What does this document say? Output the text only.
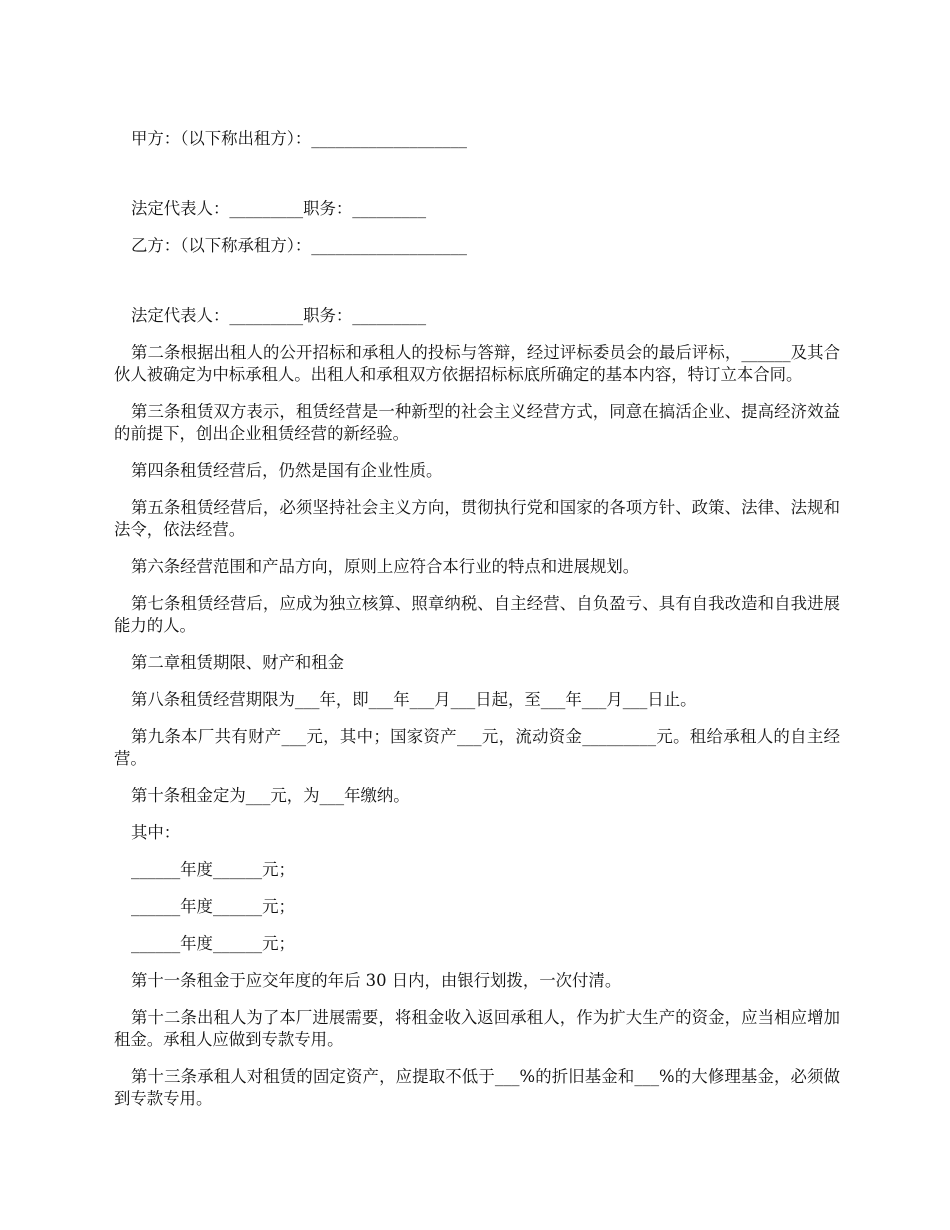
甲方：（以下称出租方）：___________________

法定代表人：_________职务：_________

乙方：（以下称承租方）：___________________

法定代表人：_________职务：_________

第二条根据出租人的公开招标和承租人的投标与答辩，经过评标委员会的最后评标，______及其合伙人被确定为中标承租人。出租人和承租双方依据招标标底所确定的基本内容，特订立本合同。

第三条租赁双方表示，租赁经营是一种新型的社会主义经营方式，同意在搞活企业、提高经济效益的前提下，创出企业租赁经营的新经验。

第四条租赁经营后，仍然是国有企业性质。

第五条租赁经营后，必须坚持社会主义方向，贯彻执行党和国家的各项方针、政策、法律、法规和法令，依法经营。

第六条经营范围和产品方向，原则上应符合本行业的特点和进展规划。

第七条租赁经营后，应成为独立核算、照章纳税、自主经营、自负盈亏、具有自我改造和自我进展能力的人。

第二章租赁期限、财产和租金

第八条租赁经营期限为___年，即___年___月___日起，至___年___月___日止。

第九条本厂共有财产___元，其中；国家资产___元，流动资金_________元。租给承租人的自主经营。

第十条租金定为___元，为___年缴纳。

其中：

______年度______元；

______年度______元；

______年度______元；

第十一条租金于应交年度的年后 30 日内，由银行划拨，一次付清。

第十二条出租人为了本厂进展需要，将租金收入返回承租人，作为扩大生产的资金，应当相应增加租金。承租人应做到专款专用。

第十三条承租人对租赁的固定资产，应提取不低于___%的折旧基金和___%的大修理基金，必须做到专款专用。
